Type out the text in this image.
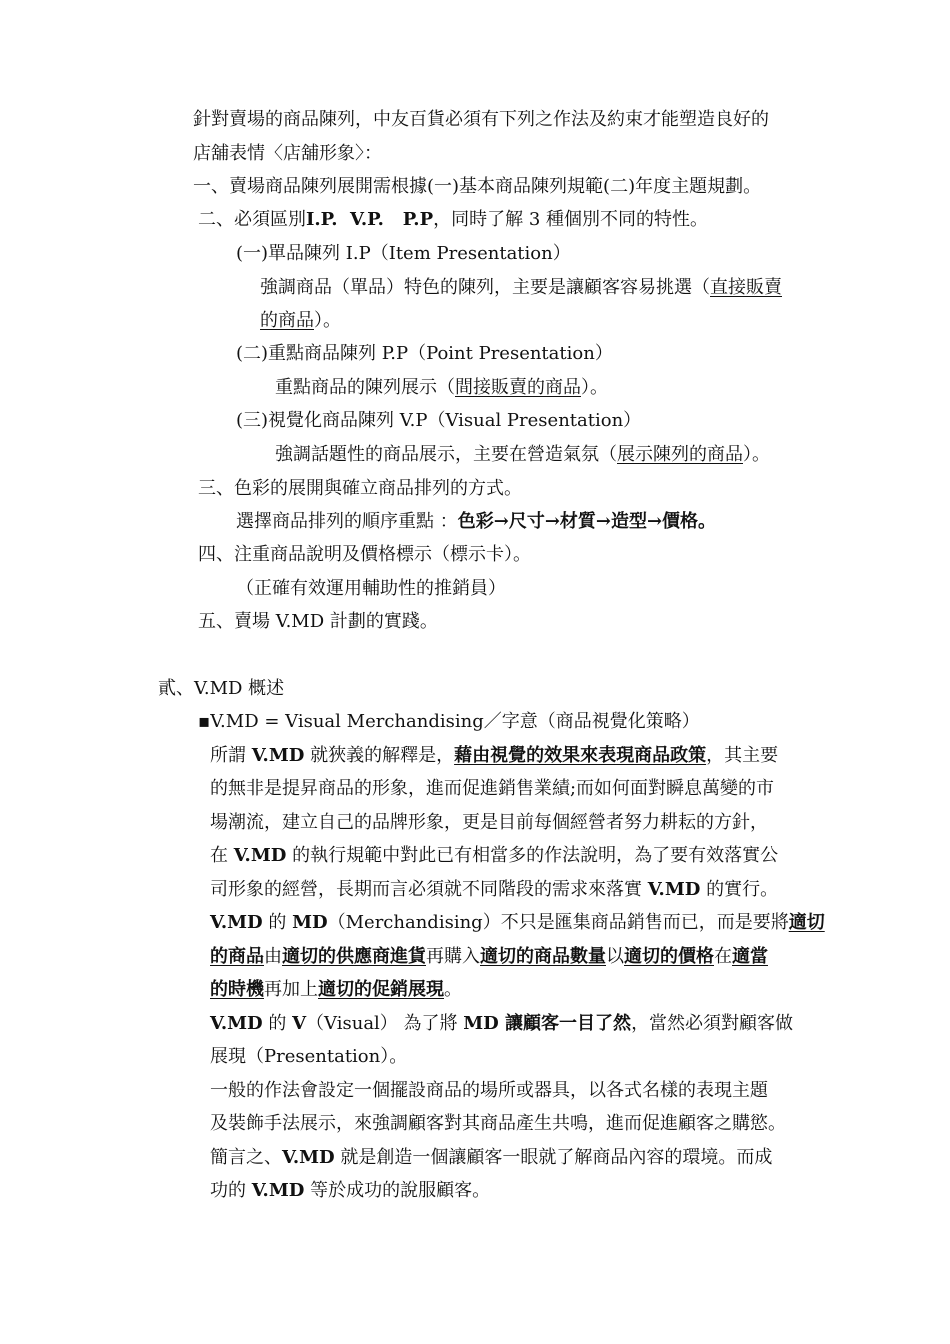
針對賣場的商品陳列，中友百貨必須有下列之作法及約束才能塑造良好的
店舖表情〈店舖形象〉：
一、賣場商品陳列展開需根據(一)基本商品陳列規範(二)年度主題規劃。
二、必須區別I.P.  V.P.   P.P，同時了解 3 種個別不同的特性。
(一)單品陳列 I.P（Item Presentation）
強調商品（單品）特色的陳列，主要是讓顧客容易挑選（直接販賣
的商品）。
(二)重點商品陳列 P.P（Point Presentation）
重點商品的陳列展示（間接販賣的商品）。
(三)視覺化商品陳列 V.P（Visual Presentation）
強調話題性的商品展示，主要在營造氣氛（展示陳列的商品）。
三、色彩的展開與確立商品排列的方式。
選擇商品排列的順序重點 ：色彩→尺寸→材質→造型→價格。
四、注重商品說明及價格標示（標示卡）。
（正確有效運用輔助性的推銷員）
五、賣場 V.MD 計劃的實踐。
貳、V.MD 概述
▪V.MD = Visual Merchandising／字意（商品視覺化策略）
所謂 V.MD 就狹義的解釋是，藉由視覺的效果來表現商品政策，其主要
的無非是提昇商品的形象，進而促進銷售業績;而如何面對瞬息萬變的市
場潮流，建立自己的品牌形象，更是目前每個經營者努力耕耘的方針，
在 V.MD 的執行規範中對此已有相當多的作法說明，為了要有效落實公
司形象的經營，長期而言必須就不同階段的需求來落實 V.MD 的實行。
V.MD 的 MD（Merchandising）不只是匯集商品銷售而已，而是要將適切
的商品由適切的供應商進貨再購入適切的商品數量以適切的價格在適當
的時機再加上適切的促銷展現。
V.MD 的 V（Visual） 為了將 MD 讓顧客一目了然，當然必須對顧客做
展現（Presentation）。
一般的作法會設定一個擺設商品的場所或器具，以各式名樣的表現主題
及裝飾手法展示，來強調顧客對其商品產生共鳴，進而促進顧客之購慾。
簡言之、V.MD 就是創造一個讓顧客一眼就了解商品內容的環境。而成
功的 V.MD 等於成功的說服顧客。
